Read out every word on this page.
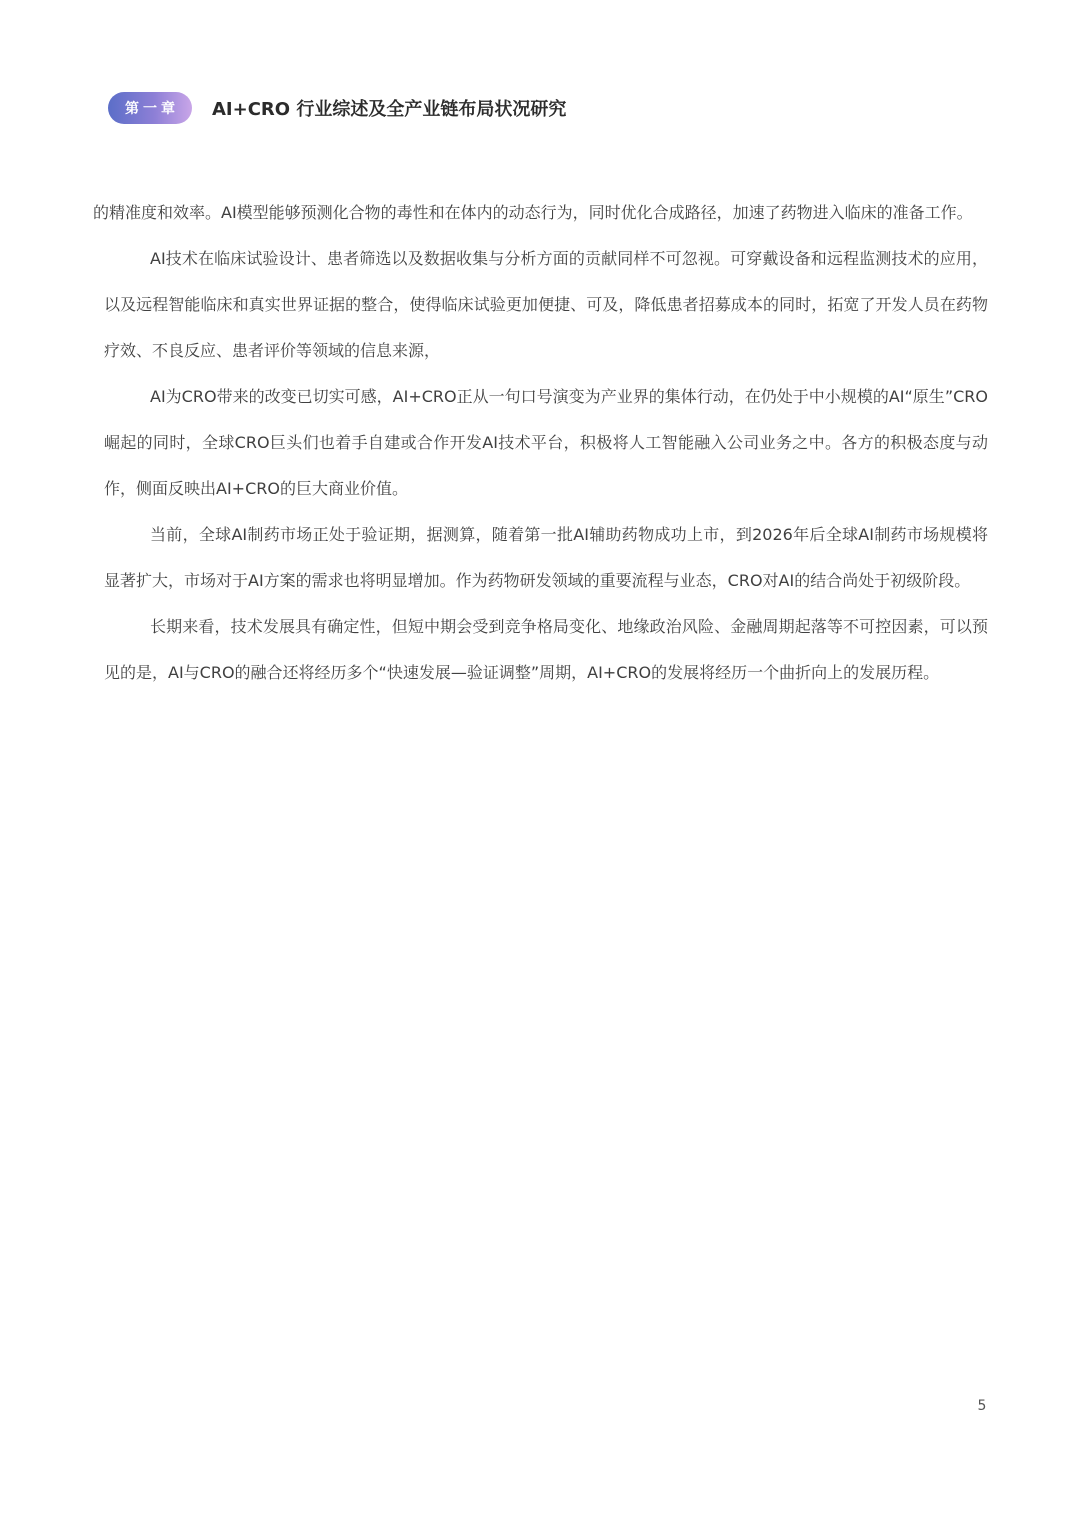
第一章	AI+CRO 行业综述及全产业链布局状况研究

的精准度和效率。AI模型能够预测化合物的毒性和在体内的动态行为，同时优化合成路径，加速了药物进入临床的准备工作。

AI技术在临床试验设计、患者筛选以及数据收集与分析方面的贡献同样不可忽视。可穿戴设备和远程监测技术的应用，以及远程智能临床和真实世界证据的整合，使得临床试验更加便捷、可及，降低患者招募成本的同时，拓宽了开发人员在药物疗效、不良反应、患者评价等领域的信息来源，

AI为CRO带来的改变已切实可感，AI+CRO正从一句口号演变为产业界的集体行动，在仍处于中小规模的AI“原生”CRO崛起的同时，全球CRO巨头们也着手自建或合作开发AI技术平台，积极将人工智能融入公司业务之中。各方的积极态度与动作，侧面反映出AI+CRO的巨大商业价值。

当前，全球AI制药市场正处于验证期，据测算，随着第一批AI辅助药物成功上市，到2026年后全球AI制药市场规模将显著扩大，市场对于AI方案的需求也将明显增加。作为药物研发领域的重要流程与业态，CRO对AI的结合尚处于初级阶段。

长期来看，技术发展具有确定性，但短中期会受到竞争格局变化、地缘政治风险、金融周期起落等不可控因素，可以预见的是，AI与CRO的融合还将经历多个“快速发展—验证调整”周期，AI+CRO的发展将经历一个曲折向上的发展历程。

5
